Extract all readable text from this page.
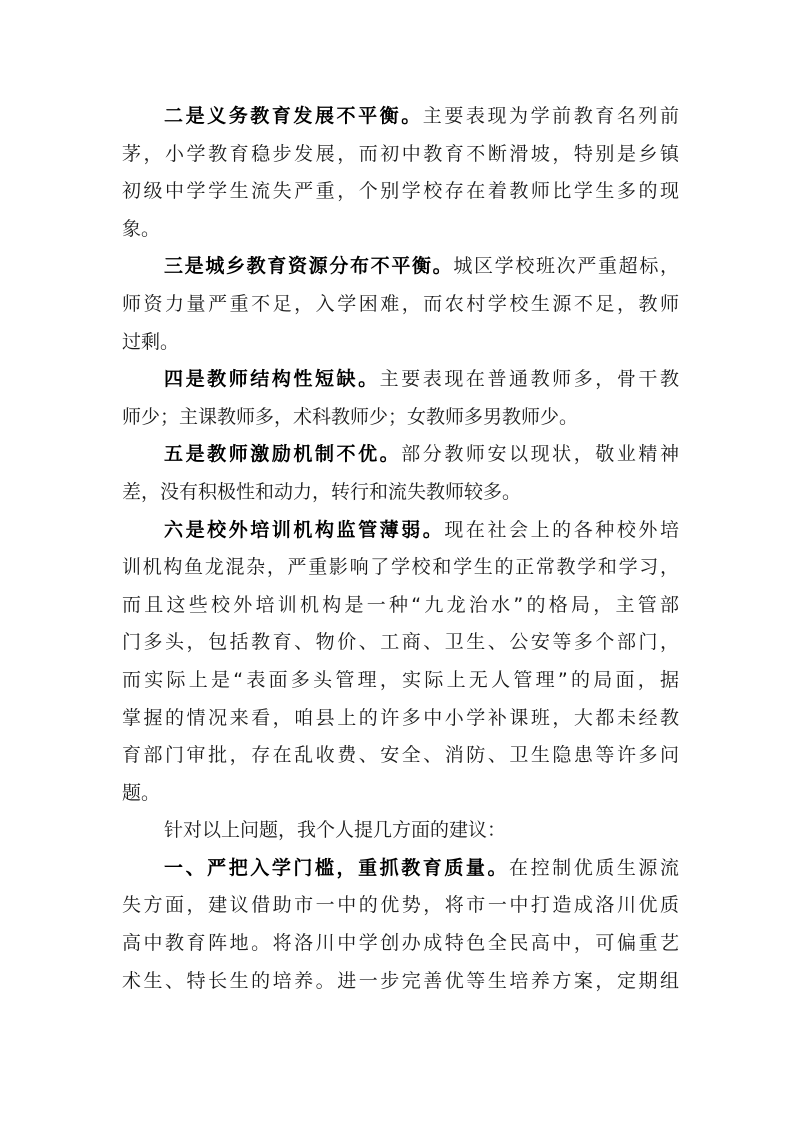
二是义务教育发展不平衡。主要表现为学前教育名列前
茅，小学教育稳步发展，而初中教育不断滑坡，特别是乡镇
初级中学学生流失严重，个别学校存在着教师比学生多的现
象。
三是城乡教育资源分布不平衡。城区学校班次严重超标，
师资力量严重不足，入学困难，而农村学校生源不足，教师
过剩。
四是教师结构性短缺。主要表现在普通教师多，骨干教
师少；主课教师多，术科教师少；女教师多男教师少。
五是教师激励机制不优。部分教师安以现状，敬业精神
差，没有积极性和动力，转行和流失教师较多。
六是校外培训机构监管薄弱。现在社会上的各种校外培
训机构鱼龙混杂，严重影响了学校和学生的正常教学和学习，
而且这些校外培训机构是一种“九龙治水”的格局，主管部
门多头，包括教育、物价、工商、卫生、公安等多个部门，
而实际上是“表面多头管理，实际上无人管理”的局面，据
掌握的情况来看，咱县上的许多中小学补课班，大都未经教
育部门审批，存在乱收费、安全、消防、卫生隐患等许多问
题。
针对以上问题，我个人提几方面的建议：
一、严把入学门槛，重抓教育质量。在控制优质生源流
失方面，建议借助市一中的优势，将市一中打造成洛川优质
高中教育阵地。将洛川中学创办成特色全民高中，可偏重艺
术生、特长生的培养。进一步完善优等生培养方案，定期组
